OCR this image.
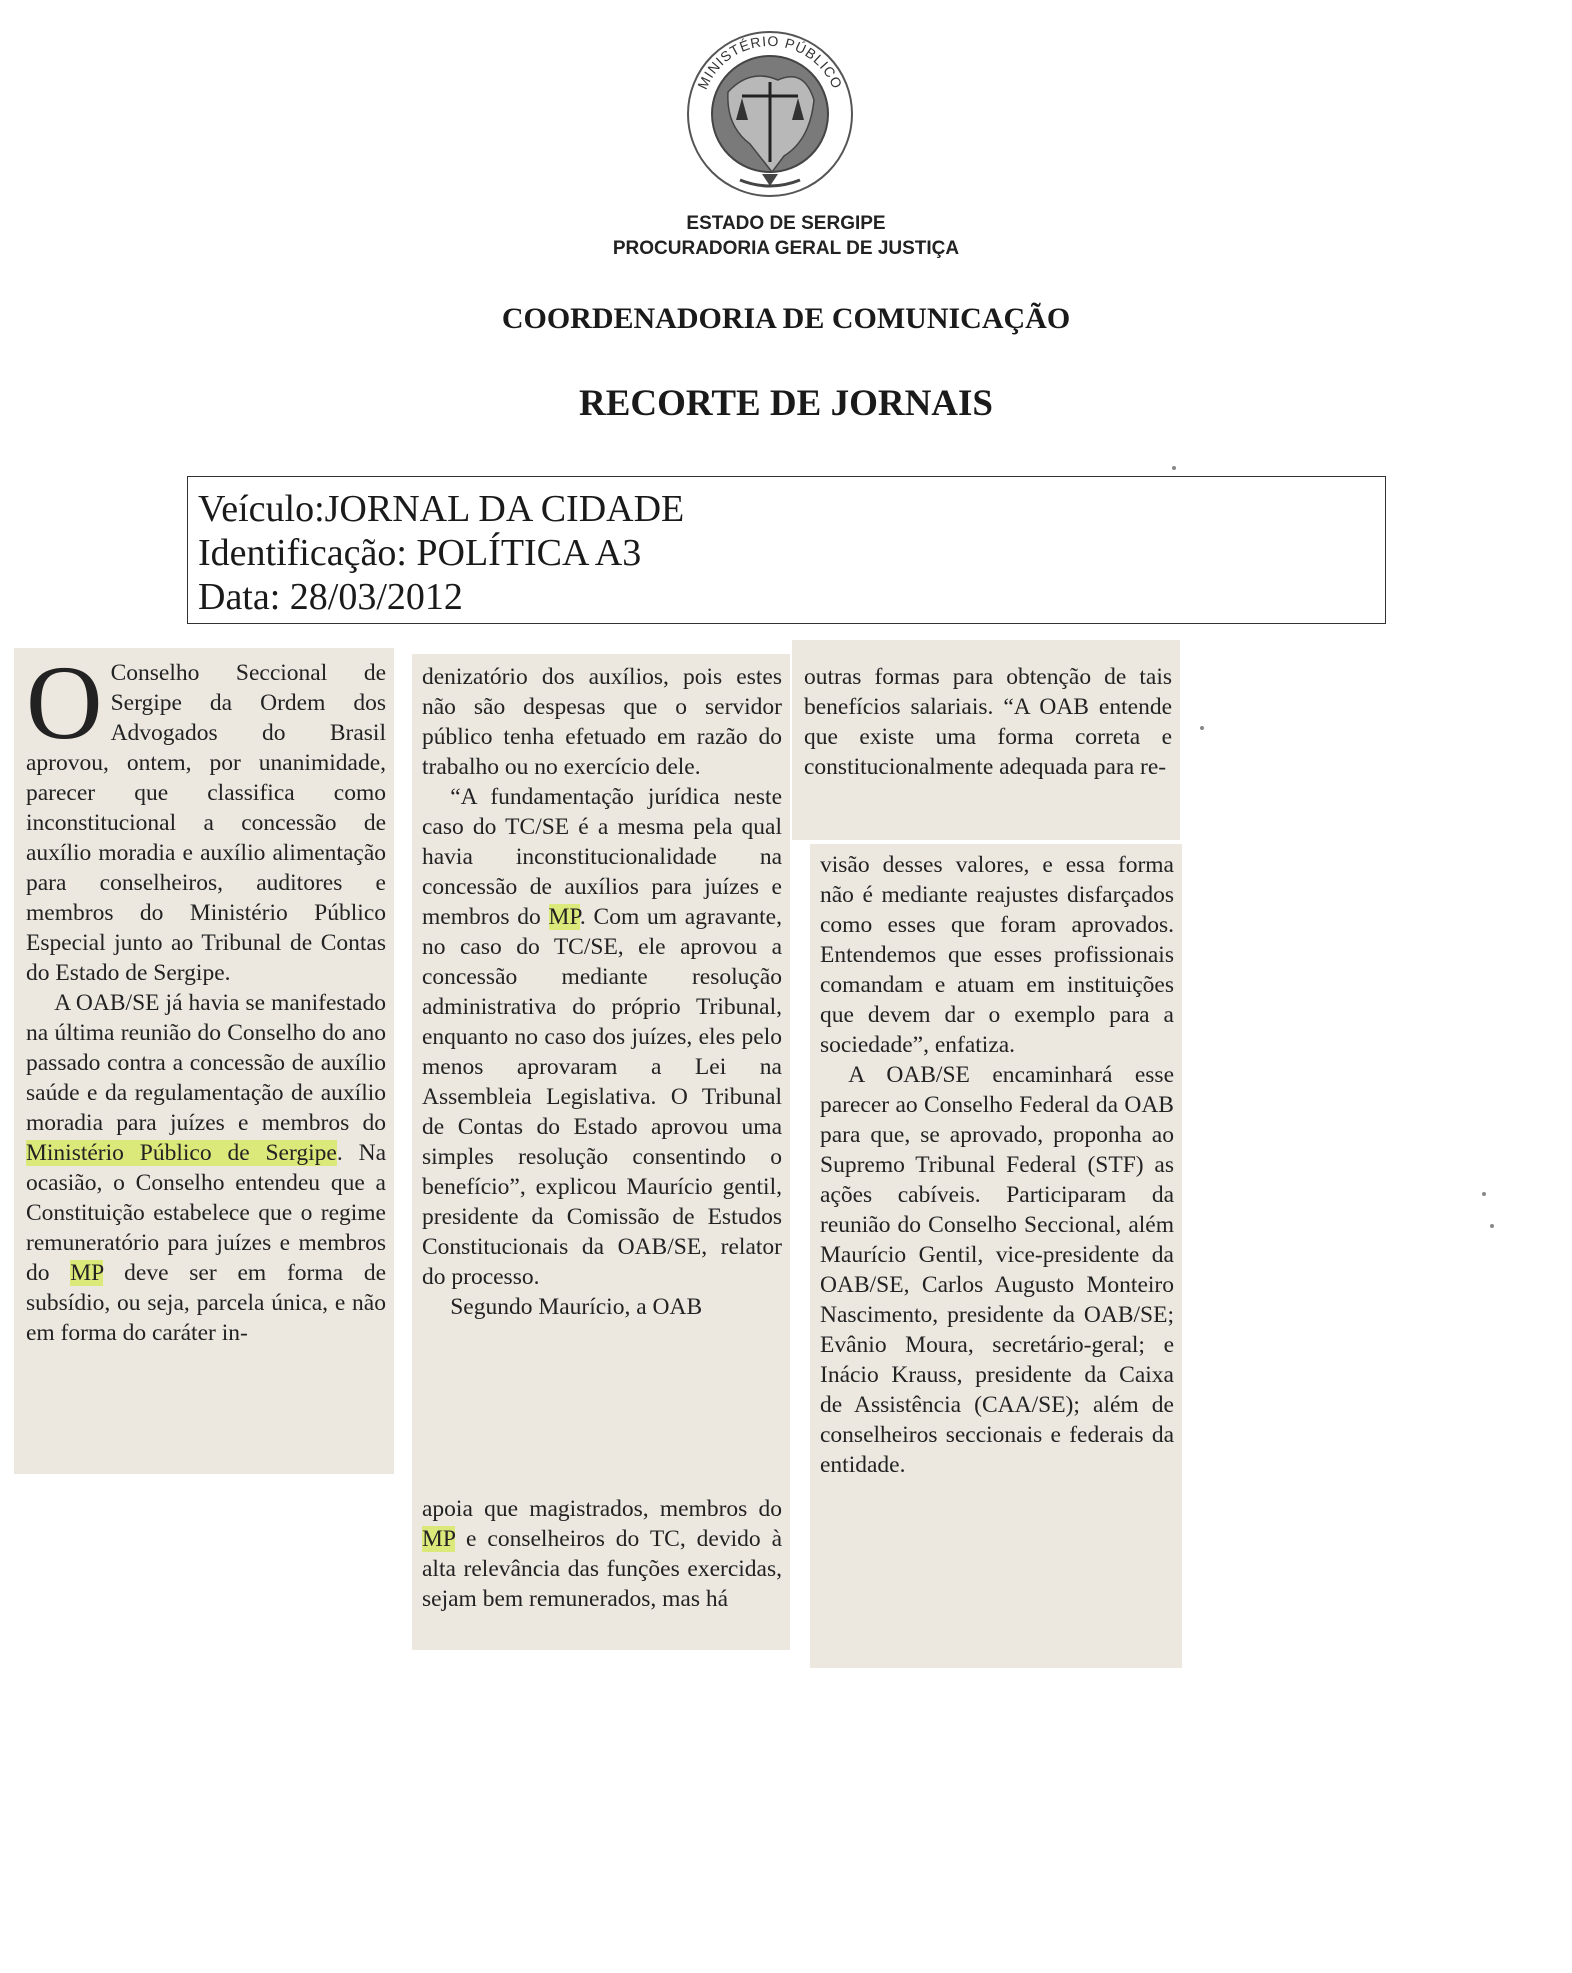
MINISTÉRIO PÚBLICO
ESTADO DE SERGIPE
PROCURADORIA GERAL DE JUSTIÇA
COORDENADORIA DE COMUNICAÇÃO
RECORTE DE JORNAIS
Veículo:JORNAL DA CIDADE
Identificação: POLÍTICA A3
Data: 28/03/2012

O Conselho Seccional de Sergipe da Ordem dos Advogados do Brasil aprovou, ontem, por unanimidade, parecer que classifica como inconstitucional a concessão de auxílio moradia e auxílio alimentação para conselheiros, auditores e membros do Ministério Público Especial junto ao Tribunal de Contas do Estado de Sergipe.

A OAB/SE já havia se manifestado na última reunião do Conselho do ano passado contra a concessão de auxílio saúde e da regulamentação de auxílio moradia para juízes e membros do Ministério Público de Sergipe. Na ocasião, o Conselho entendeu que a Constituição estabelece que o regime remuneratório para juízes e membros do MP deve ser em forma de subsídio, ou seja, parcela única, e não em forma do caráter in-

denizatório dos auxílios, pois estes não são despesas que o servidor público tenha efetuado em razão do trabalho ou no exercício dele.

“A fundamentação jurídica neste caso do TC/SE é a mesma pela qual havia inconstitucionalidade na concessão de auxílios para juízes e membros do MP. Com um agravante, no caso do TC/SE, ele aprovou a concessão mediante resolução administrativa do próprio Tribunal, enquanto no caso dos juízes, eles pelo menos aprovaram a Lei na Assembleia Legislativa. O Tribunal de Contas do Estado aprovou uma simples resolução consentindo o benefício”, explicou Maurício gentil, presidente da Comissão de Estudos Constitucionais da OAB/SE, relator do processo.

Segundo Maurício, a OAB

apoia que magistrados, membros do MP e conselheiros do TC, devido à alta relevância das funções exercidas, sejam bem remunerados, mas há

outras formas para obtenção de tais benefícios salariais. “A OAB entende que existe uma forma correta e constitucionalmente adequada para re-

visão desses valores, e essa forma não é mediante reajustes disfarçados como esses que foram aprovados. Entendemos que esses profissionais comandam e atuam em instituições que devem dar o exemplo para a sociedade”, enfatiza.

A OAB/SE encaminhará esse parecer ao Conselho Federal da OAB para que, se aprovado, proponha ao Supremo Tribunal Federal (STF) as ações cabíveis. Participaram da reunião do Conselho Seccional, além Maurício Gentil, vice-presidente da OAB/SE, Carlos Augusto Monteiro Nascimento, presidente da OAB/SE; Evânio Moura, secretário-geral; e Inácio Krauss, presidente da Caixa de Assistência (CAA/SE); além de conselheiros seccionais e federais da entidade.
